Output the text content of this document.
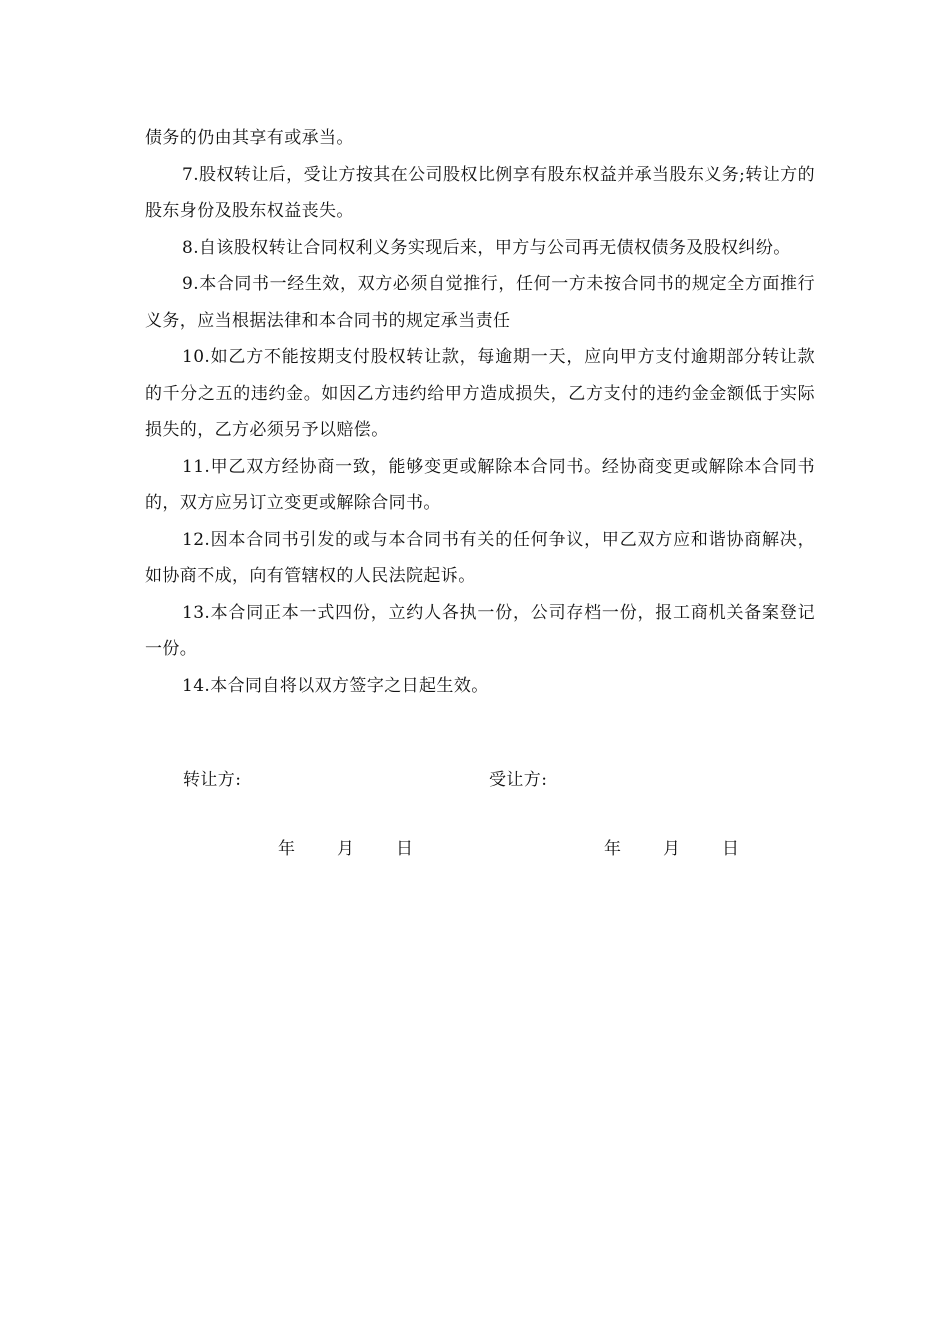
债务的仍由其享有或承当。

7.股权转让后，受让方按其在公司股权比例享有股东权益并承当股东义务;转让方的股东身份及股东权益丧失。

8.自该股权转让合同权利义务实现后来，甲方与公司再无债权债务及股权纠纷。

9.本合同书一经生效，双方必须自觉推行，任何一方未按合同书的规定全方面推行义务，应当根据法律和本合同书的规定承当责任

10.如乙方不能按期支付股权转让款，每逾期一天，应向甲方支付逾期部分转让款的千分之五的违约金。如因乙方违约给甲方造成损失，乙方支付的违约金金额低于实际损失的，乙方必须另予以赔偿。

11.甲乙双方经协商一致，能够变更或解除本合同书。经协商变更或解除本合同书的，双方应另订立变更或解除合同书。

12.因本合同书引发的或与本合同书有关的任何争议，甲乙双方应和谐协商解决，如协商不成，向有管辖权的人民法院起诉。

13.本合同正本一式四份，立约人各执一份，公司存档一份，报工商机关备案登记一份。

14.本合同自将以双方签字之日起生效。

转让方:	受让方:
年 月 日	年 月 日
